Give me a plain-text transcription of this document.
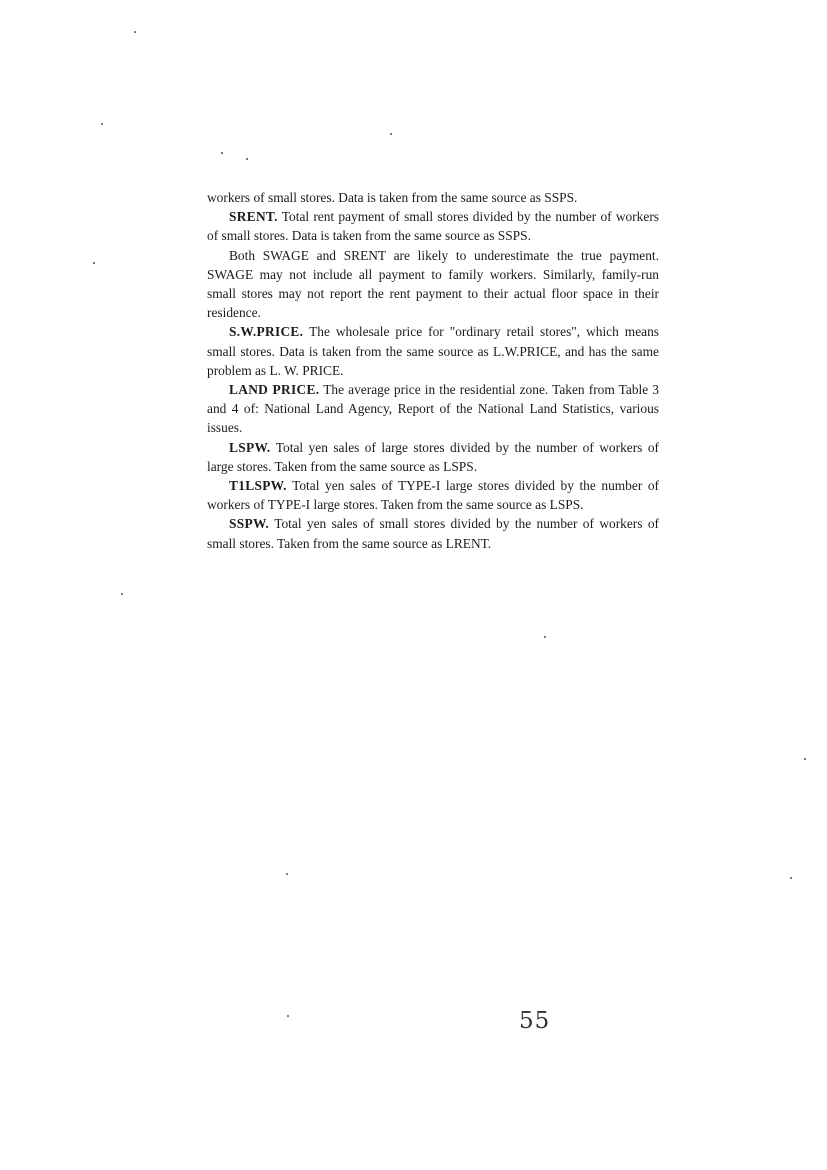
workers of small stores. Data is taken from the same source as SSPS.

SRENT. Total rent payment of small stores divided by the number of workers of small stores. Data is taken from the same source as SSPS.

Both SWAGE and SRENT are likely to underestimate the true payment. SWAGE may not include all payment to family workers. Similarly, family-run small stores may not report the rent payment to their actual floor space in their residence.

S.W.PRICE. The wholesale price for "ordinary retail stores", which means small stores. Data is taken from the same source as L.W.PRICE, and has the same problem as L. W. PRICE.

LAND PRICE. The average price in the residential zone. Taken from Table 3 and 4 of: National Land Agency, Report of the National Land Statistics, various issues.

LSPW. Total yen sales of large stores divided by the number of workers of large stores. Taken from the same source as LSPS.

T1LSPW. Total yen sales of TYPE-I large stores divided by the number of workers of TYPE-I large stores. Taken from the same source as LSPS.

SSPW. Total yen sales of small stores divided by the number of workers of small stores. Taken from the same source as LRENT.

55
